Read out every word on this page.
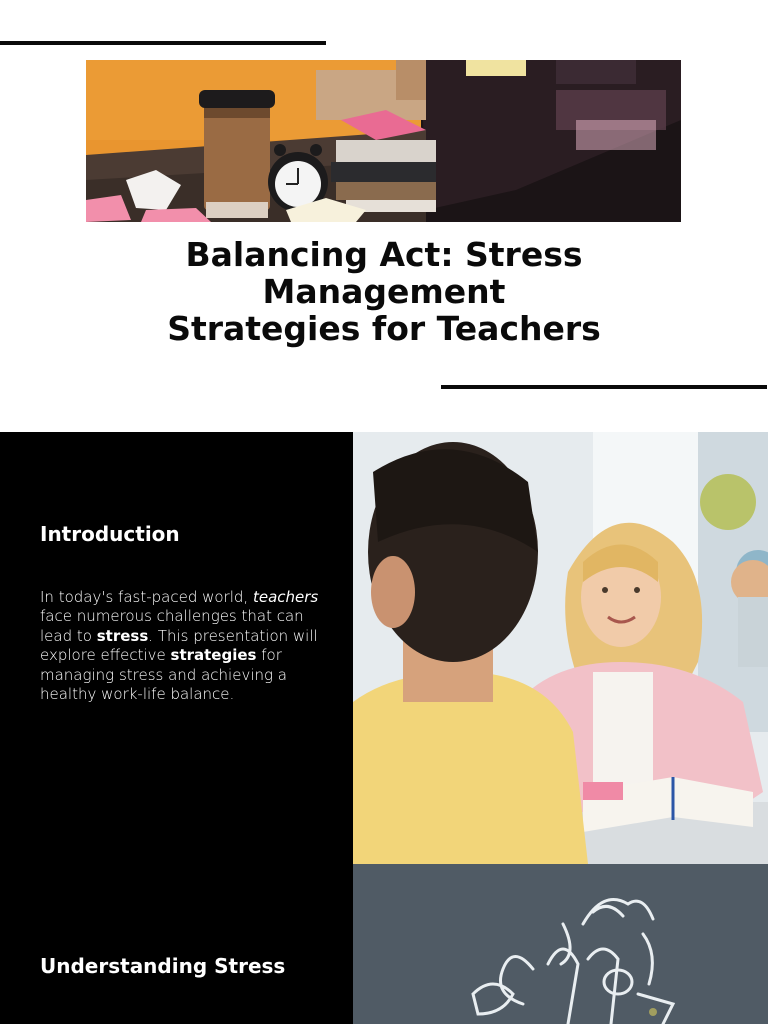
Balancing Act: Stress
Management
Strategies for Teachers
Introduction

In today's fast-paced world, teachers face numerous challenges that can lead to stress. This presentation will explore effective strategies for managing stress and achieving a healthy work-life balance.

Understanding Stress
